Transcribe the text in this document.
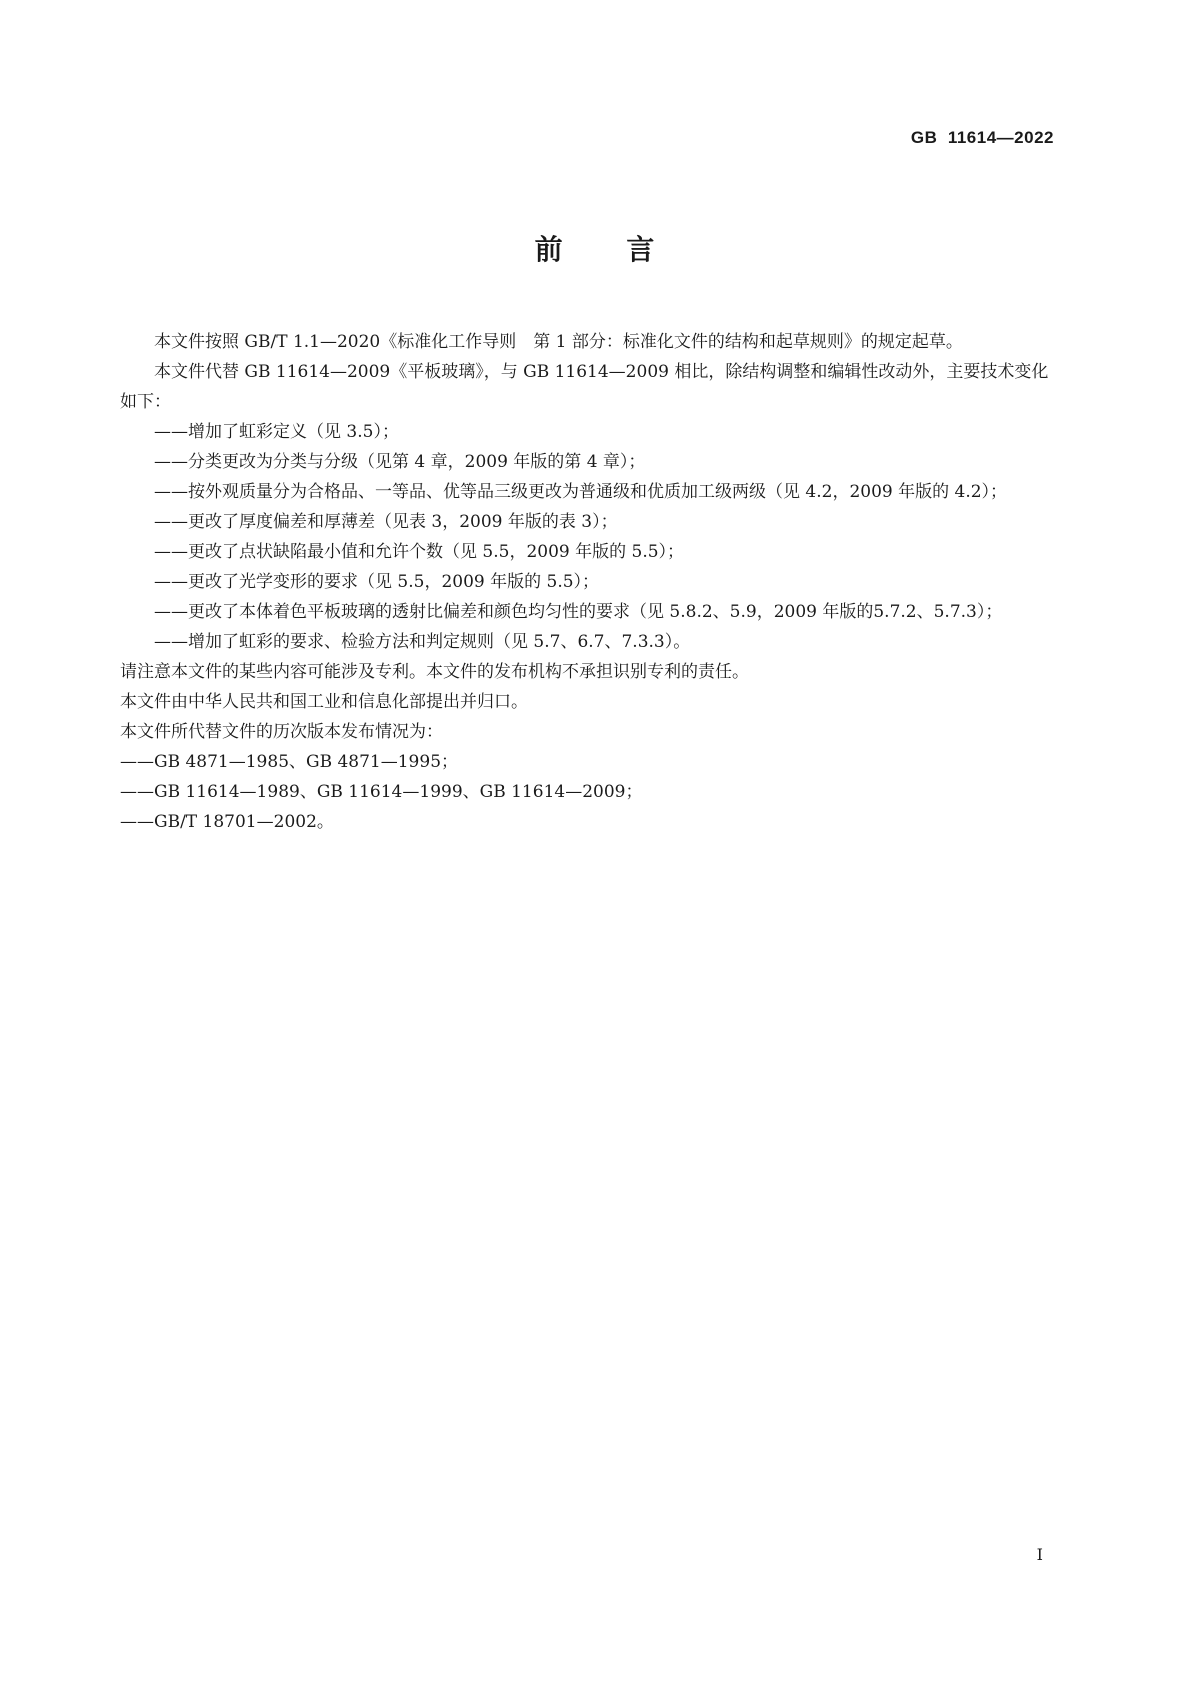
GB  11614—2022
前 言

本文件按照 GB/T 1.1—2020《标准化工作导则　第 1 部分：标准化文件的结构和起草规则》的规定起草。

本文件代替 GB 11614—2009《平板玻璃》，与 GB 11614—2009 相比，除结构调整和编辑性改动外，主要技术变化如下：

——增加了虹彩定义（见 3.5）；

——分类更改为分类与分级（见第 4 章，2009 年版的第 4 章）；

——按外观质量分为合格品、一等品、优等品三级更改为普通级和优质加工级两级（见 4.2，2009 年版的 4.2）；

——更改了厚度偏差和厚薄差（见表 3，2009 年版的表 3）；

——更改了点状缺陷最小值和允许个数（见 5.5，2009 年版的 5.5）；

——更改了光学变形的要求（见 5.5，2009 年版的 5.5）；

——更改了本体着色平板玻璃的透射比偏差和颜色均匀性的要求（见 5.8.2、5.9，2009 年版的5.7.2、5.7.3）；

——增加了虹彩的要求、检验方法和判定规则（见 5.7、6.7、7.3.3）。

请注意本文件的某些内容可能涉及专利。本文件的发布机构不承担识别专利的责任。

本文件由中华人民共和国工业和信息化部提出并归口。

本文件所代替文件的历次版本发布情况为：

——GB 4871—1985、GB 4871—1995；

——GB 11614—1989、GB 11614—1999、GB 11614—2009；

——GB/T 18701—2002。

I
